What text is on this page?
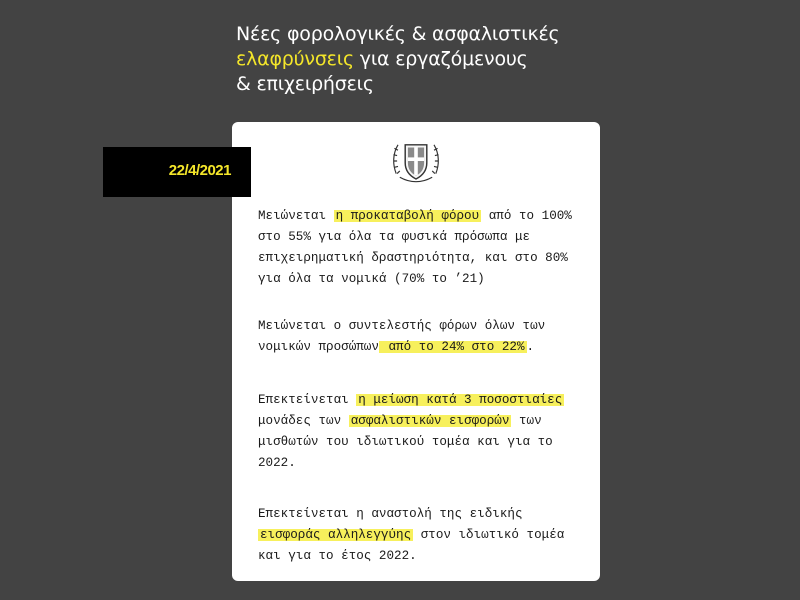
Νέες φορολογικές & ασφαλιστικές
ελαφρύνσεις για εργαζόμενους
& επιχειρήσεις
Μειώνεται η προκαταβολή φόρου από το 100%
στο 55% για όλα τα φυσικά πρόσωπα με
επιχειρηματική δραστηριότητα, και στο 80%
για όλα τα νομικά (70% το ’21)
Μειώνεται ο συντελεστής φόρων όλων των
νομικών προσώπων από το 24% στο 22% .
Επεκτείνεται η μείωση κατά 3 ποσοστιαίες
μονάδες των ασφαλιστικών εισφορών των
μισθωτών του ιδιωτικού τομέα και για το
2022.
Επεκτείνεται η αναστολή της ειδικής
εισφοράς αλληλεγγύης στον ιδιωτικό τομέα
και για το έτος 2022.
22/4/2021
